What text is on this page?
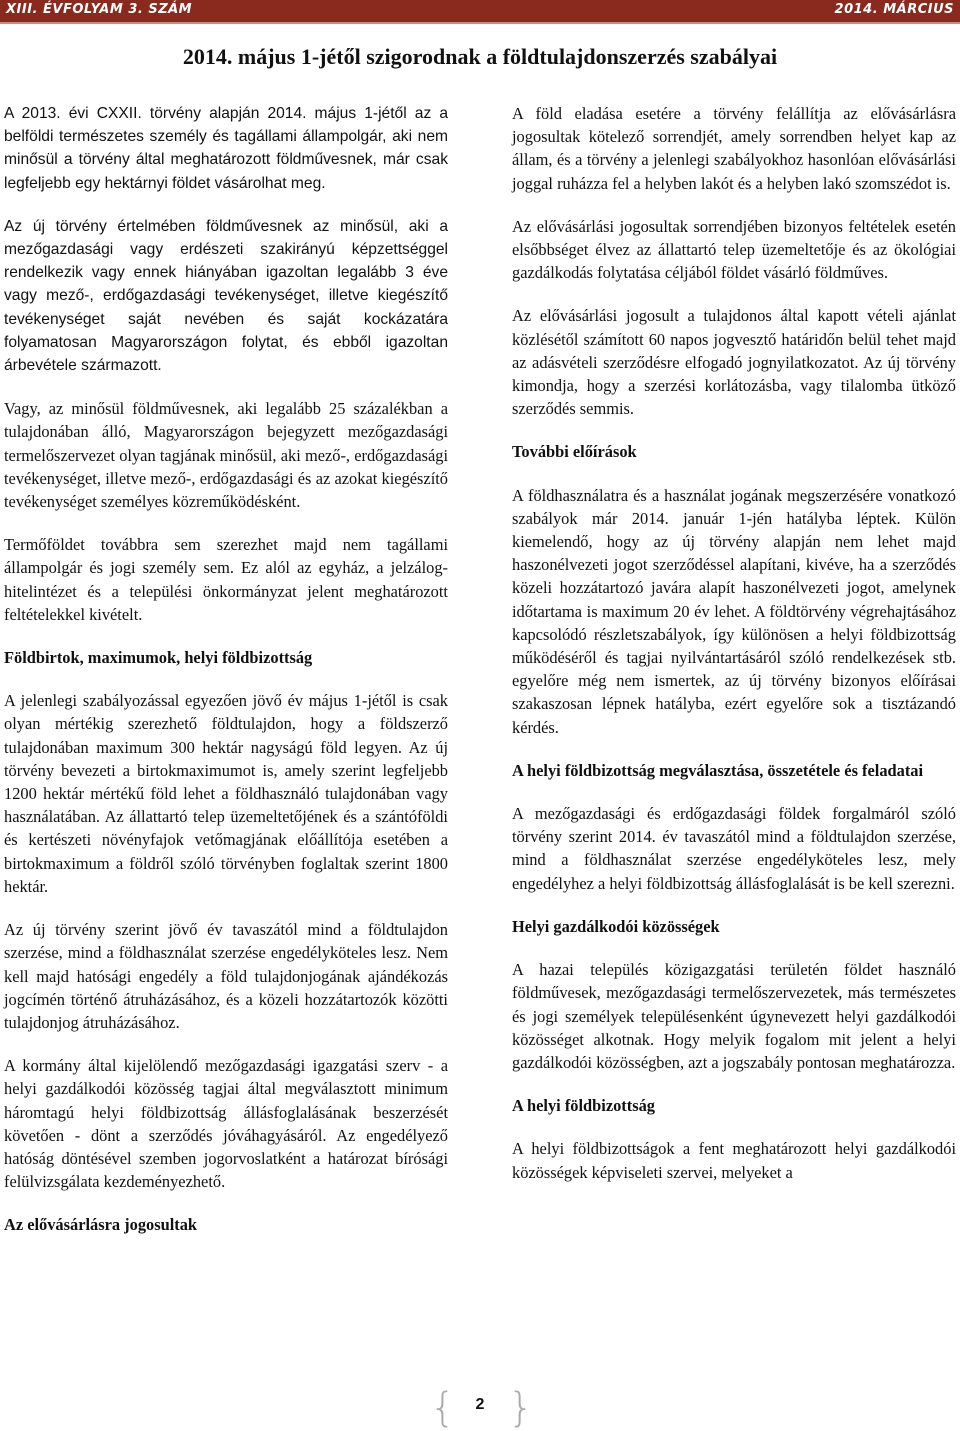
XIII. ÉVFOLYAM 3. SZÁM	2014. MÁRCIUS
2014. május 1-jétől szigorodnak a földtulajdonszerzés szabályai

A 2013. évi CXXII. törvény alapján 2014. május 1-jétől az a belföldi természetes személy és tagállami állampolgár, aki nem minősül a törvény által meghatározott földművesnek, már csak legfeljebb egy hektárnyi földet vásárolhat meg.

Az új törvény értelmében földművesnek az minősül, aki a mezőgazdasági vagy erdészeti szakirányú képzettséggel rendelkezik vagy ennek hiányában igazoltan legalább 3 éve vagy mező-, erdőgazdasági tevékenységet, illetve kiegészítő tevékenységet saját nevében és saját kockázatára folyamatosan Magyarországon folytat, és ebből igazoltan árbevétele származott.

Vagy, az minősül földművesnek, aki legalább 25 százalékban a tulajdonában álló, Magyarországon bejegyzett mezőgazdasági termelőszervezet olyan tagjának minősül, aki mező-, erdőgazdasági tevékenységet, illetve mező-, erdőgazdasági és az azokat kiegészítő tevékenységet személyes közreműködésként.

Termőföldet továbbra sem szerezhet majd nem tagállami állampolgár és jogi személy sem. Ez alól az egyház, a jelzálog-hitelintézet és a települési önkormányzat jelent meghatározott feltételekkel kivételt.

Földbirtok, maximumok, helyi földbizottság

A jelenlegi szabályozással egyezően jövő év május 1-jétől is csak olyan mértékig szerezhető földtulajdon, hogy a földszerző tulajdonában maximum 300 hektár nagyságú föld legyen. Az új törvény bevezeti a birtokmaximumot is, amely szerint legfeljebb 1200 hektár mértékű föld lehet a földhasználó tulajdonában vagy használatában. Az állattartó telep üzemeltetőjének és a szántóföldi és kertészeti növényfajok vetőmagjának előállítója esetében a birtokmaximum a földről szóló törvényben foglaltak szerint 1800 hektár.

Az új törvény szerint jövő év tavaszától mind a földtulajdon szerzése, mind a földhasználat szerzése engedélyköteles lesz. Nem kell majd hatósági engedély a föld tulajdonjogának ajándékozás jogcímén történő átruházásához, és a közeli hozzátartozók közötti tulajdonjog átruházásához.

A kormány által kijelölendő mezőgazdasági igazgatási szerv - a helyi gazdálkodói közösség tagjai által megválasztott minimum háromtagú helyi földbizottság állásfoglalásának beszerzését követően - dönt a szerződés jóváhagyásáról. Az engedélyező hatóság döntésével szemben jogorvoslatként a határozat bírósági felülvizsgálata kezdeményezhető.

Az elővásárlásra jogosultak

A föld eladása esetére a törvény felállítja az elővásárlásra jogosultak kötelező sorrendjét, amely sorrendben helyet kap az állam, és a törvény a jelenlegi szabályokhoz hasonlóan elővásárlási joggal ruházza fel a helyben lakót és a helyben lakó szomszédot is.

Az elővásárlási jogosultak sorrendjében bizonyos feltételek esetén elsőbbséget élvez az állattartó telep üzemeltetője és az ökológiai gazdálkodás folytatása céljából földet vásárló földműves.

Az elővásárlási jogosult a tulajdonos által kapott vételi ajánlat közlésétől számított 60 napos jogvesztő határidőn belül tehet majd az adásvételi szerződésre elfogadó jognyilatkozatot. Az új törvény kimondja, hogy a szerzési korlátozásba, vagy tilalomba ütköző szerződés semmis.

További előírások

A földhasználatra és a használat jogának megszerzésére vonatkozó szabályok már 2014. január 1-jén hatályba léptek. Külön kiemelendő, hogy az új törvény alapján nem lehet majd haszonélvezeti jogot szerződéssel alapítani, kivéve, ha a szerződés közeli hozzátartozó javára alapít haszonélvezeti jogot, amelynek időtartama is maximum 20 év lehet. A földtörvény végrehajtásához kapcsolódó részletszabályok, így különösen a helyi földbizottság működéséről és tagjai nyilvántartásáról szóló rendelkezések stb. egyelőre még nem ismertek, az új törvény bizonyos előírásai szakaszosan lépnek hatályba, ezért egyelőre sok a tisztázandó kérdés.

A helyi földbizottság megválasztása, összetétele és feladatai

A mezőgazdasági és erdőgazdasági földek forgalmáról szóló törvény szerint 2014. év tavaszától mind a földtulajdon szerzése, mind a földhasználat szerzése engedélyköteles lesz, mely engedélyhez a helyi földbizottság állásfoglalását is be kell szerezni.

Helyi gazdálkodói közösségek

A hazai település közigazgatási területén földet használó földművesek, mezőgazdasági termelőszervezetek, más természetes és jogi személyek településenként úgynevezett helyi gazdálkodói közösséget alkotnak. Hogy melyik fogalom mit jelent a helyi gazdálkodói közösségben, azt a jogszabály pontosan meghatározza.

A helyi földbizottság

A helyi földbizottságok a fent meghatározott helyi gazdálkodói közösségek képviseleti szervei, melyeket a

{	2 }
